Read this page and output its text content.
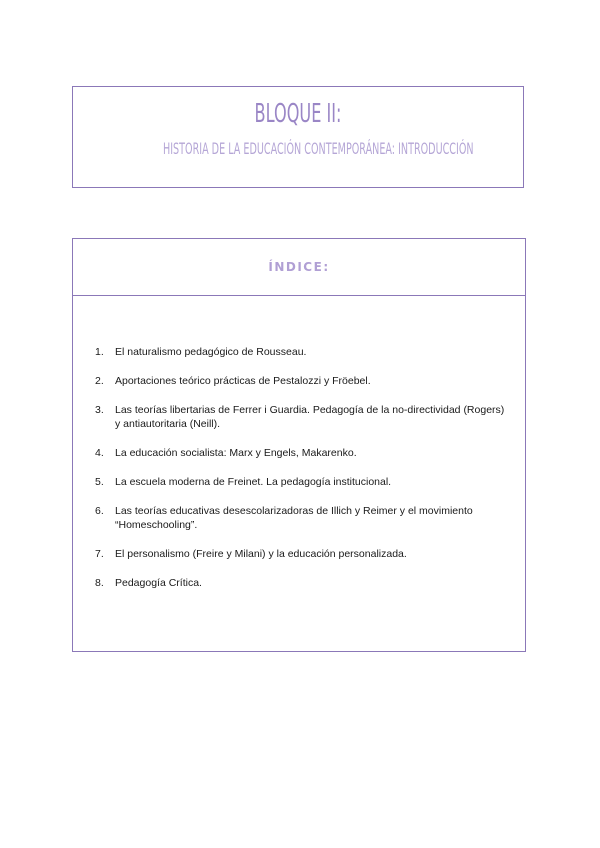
BLOQUE II:
HISTORIA DE LA EDUCACIÓN CONTEMPORÁNEA: INTRODUCCIÓN
ÍNDICE:
1. El naturalismo pedagógico de Rousseau.
2. Aportaciones teórico prácticas de Pestalozzi y Fröebel.
3. Las teorías libertarias de Ferrer i Guardia. Pedagogía de la no-directividad (Rogers) y antiautoritaria (Neill).
4. La educación socialista: Marx y Engels, Makarenko.
5. La escuela moderna de Freinet. La pedagogía institucional.
6. Las teorías educativas desescolarizadoras de Illich y Reimer y el movimiento “Homeschooling”.
7. El personalismo (Freire y Milani) y la educación personalizada.
8. Pedagogía Crítica.
